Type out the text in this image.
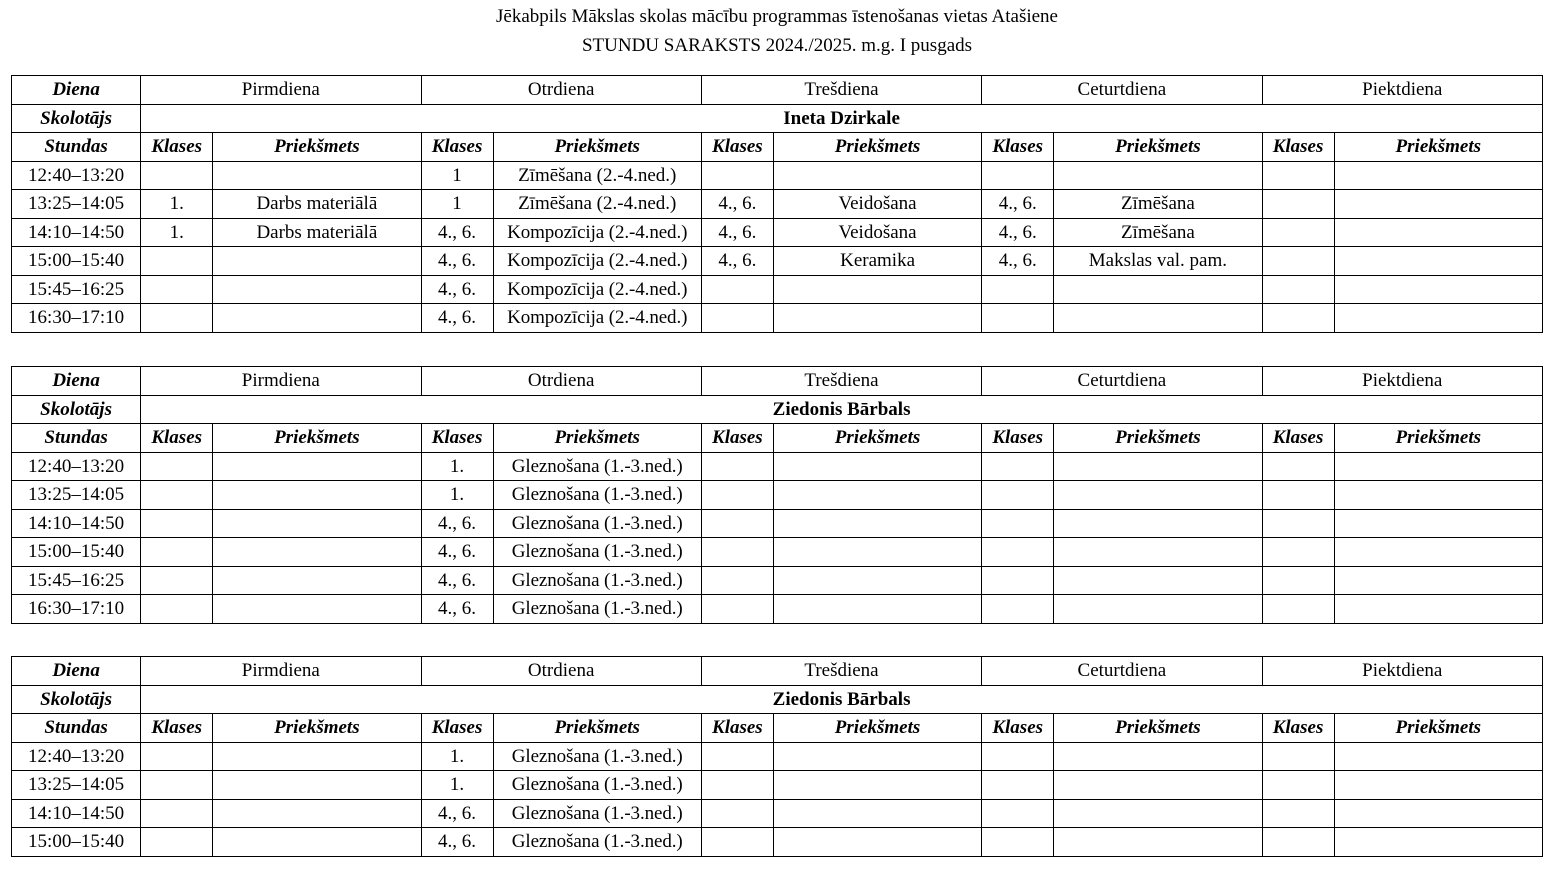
Jēkabpils Mākslas skolas mācību programmas īstenošanas vietas Atašiene
STUNDU SARAKSTS 2024./2025. m.g. I pusgads
Diena	Pirmdiena		Otrdiena		Trešdiena		Ceturtdiena		Piektdiena	
Skolotājs	Ineta Dzirkale									
Stundas	Klases	Priekšmets	Klases	Priekšmets	Klases	Priekšmets	Klases	Priekšmets	Klases	Priekšmets
12:40–13:20			1	Zīmēšana (2.-4.ned.)						
13:25–14:05	1.	Darbs materiālā	1	Zīmēšana (2.-4.ned.)	4., 6.	Veidošana	4., 6.	Zīmēšana		
14:10–14:50	1.	Darbs materiālā	4., 6.	Kompozīcija (2.-4.ned.)	4., 6.	Veidošana	4., 6.	Zīmēšana		
15:00–15:40			4., 6.	Kompozīcija (2.-4.ned.)	4., 6.	Keramika	4., 6.	Makslas val. pam.		
15:45–16:25			4., 6.	Kompozīcija (2.-4.ned.)						
16:30–17:10			4., 6.	Kompozīcija (2.-4.ned.)						
Diena	Pirmdiena		Otrdiena		Trešdiena		Ceturtdiena		Piektdiena	
Skolotājs	Ziedonis Bārbals									
Stundas	Klases	Priekšmets	Klases	Priekšmets	Klases	Priekšmets	Klases	Priekšmets	Klases	Priekšmets
12:40–13:20			1.	Gleznošana (1.-3.ned.)						
13:25–14:05			1.	Gleznošana (1.-3.ned.)						
14:10–14:50			4., 6.	Gleznošana (1.-3.ned.)						
15:00–15:40			4., 6.	Gleznošana (1.-3.ned.)						
15:45–16:25			4., 6.	Gleznošana (1.-3.ned.)						
16:30–17:10			4., 6.	Gleznošana (1.-3.ned.)						
Diena	Pirmdiena		Otrdiena		Trešdiena		Ceturtdiena		Piektdiena	
Skolotājs	Ziedonis Bārbals									
Stundas	Klases	Priekšmets	Klases	Priekšmets	Klases	Priekšmets	Klases	Priekšmets	Klases	Priekšmets
12:40–13:20			1.	Gleznošana (1.-3.ned.)						
13:25–14:05			1.	Gleznošana (1.-3.ned.)						
14:10–14:50			4., 6.	Gleznošana (1.-3.ned.)						
15:00–15:40			4., 6.	Gleznošana (1.-3.ned.)						
